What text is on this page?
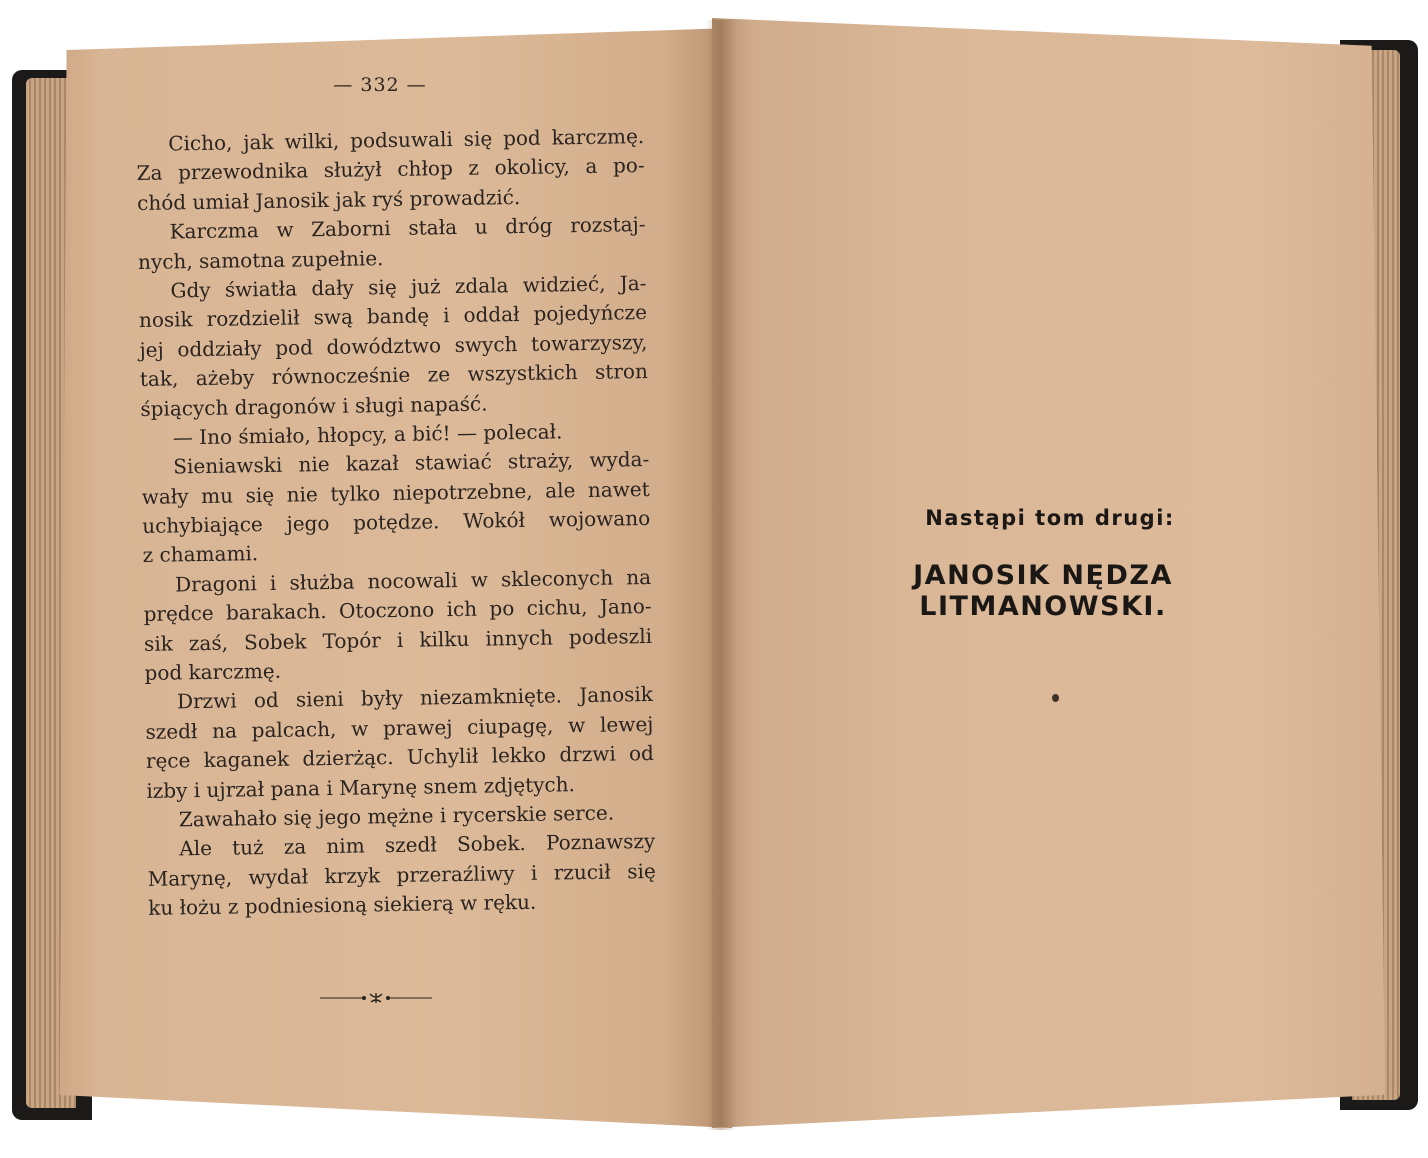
— 332 —
Cicho, jak wilki, podsuwali się pod karczmę.
Za przewodnika służył chłop z okolicy, a po-
chód umiał Janosik jak ryś prowadzić.
Karczma w Zaborni stała u dróg rozstaj-
nych, samotna zupełnie.
Gdy światła dały się już zdala widzieć, Ja-
nosik rozdzielił swą bandę i oddał pojedyńcze
jej oddziały pod dowództwo swych towarzyszy,
tak, ażeby równocześnie ze wszystkich stron
śpiących dragonów i sługi napaść.
— Ino śmiało, hłopcy, a bić! — polecał.
Sieniawski nie kazał stawiać straży, wyda-
wały mu się nie tylko niepotrzebne, ale nawet
uchybiające jego potędze. Wokół wojowano
z chamami.
Dragoni i służba nocowali w skleconych na
prędce barakach. Otoczono ich po cichu, Jano-
sik zaś, Sobek Topór i kilku innych podeszli
pod karczmę.
Drzwi od sieni były niezamknięte. Janosik
szedł na palcach, w prawej ciupagę, w lewej
ręce kaganek dzierżąc. Uchylił lekko drzwi od
izby i ujrzał pana i Marynę snem zdjętych.
Zawahało się jego mężne i rycerskie serce.
Ale tuż za nim szedł Sobek. Poznawszy
Marynę, wydał krzyk przeraźliwy i rzucił się
ku łożu z podniesioną siekierą w ręku.
Nastąpi tom drugi:
JANOSIK NĘDZA LITMANOWSKI.
